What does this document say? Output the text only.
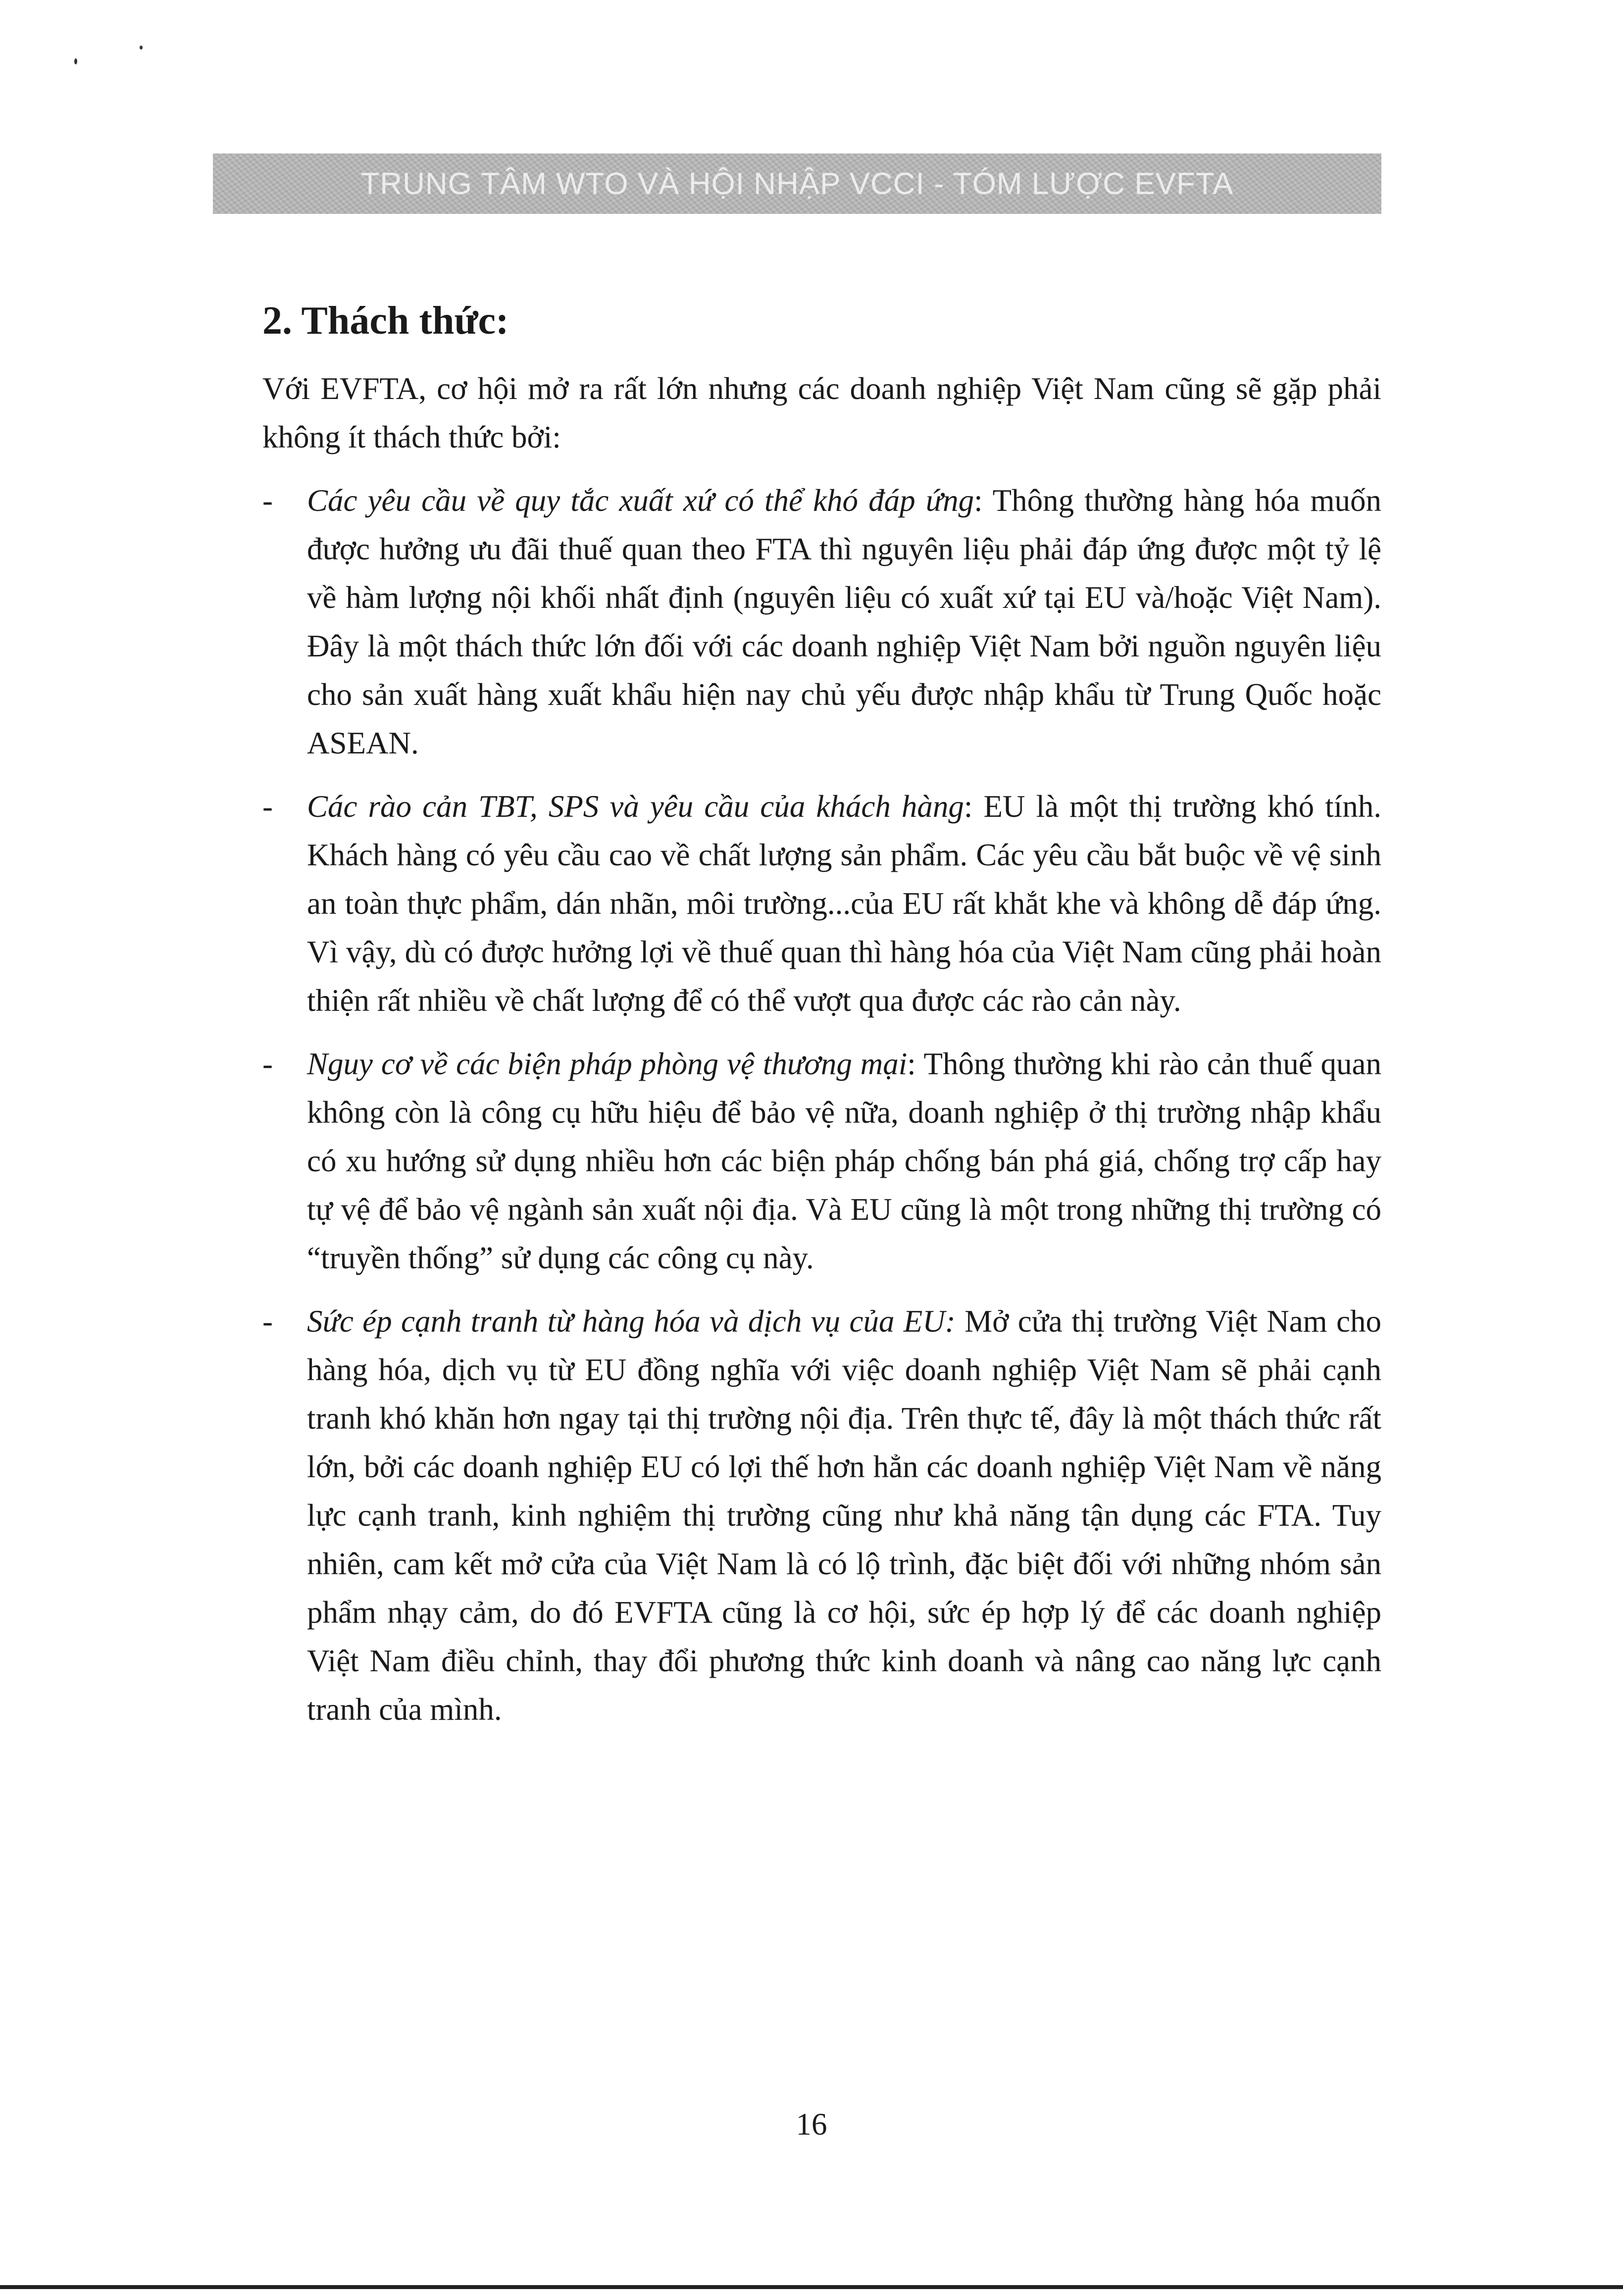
TRUNG TÂM WTO VÀ HỘI NHẬP VCCI - TÓM LƯỢC EVFTA
2. Thách thức:

Với EVFTA, cơ hội mở ra rất lớn nhưng các doanh nghiệp Việt Nam cũng sẽ gặp phải không ít thách thức bởi:

- Các yêu cầu về quy tắc xuất xứ có thể khó đáp ứng: Thông thường hàng hóa muốn được hưởng ưu đãi thuế quan theo FTA thì nguyên liệu phải đáp ứng được một tỷ lệ về hàm lượng nội khối nhất định (nguyên liệu có xuất xứ tại EU và/hoặc Việt Nam). Đây là một thách thức lớn đối với các doanh nghiệp Việt Nam bởi nguồn nguyên liệu cho sản xuất hàng xuất khẩu hiện nay chủ yếu được nhập khẩu từ Trung Quốc hoặc ASEAN.
- Các rào cản TBT, SPS và yêu cầu của khách hàng: EU là một thị trường khó tính. Khách hàng có yêu cầu cao về chất lượng sản phẩm. Các yêu cầu bắt buộc về vệ sinh an toàn thực phẩm, dán nhãn, môi trường...của EU rất khắt khe và không dễ đáp ứng. Vì vậy, dù có được hưởng lợi về thuế quan thì hàng hóa của Việt Nam cũng phải hoàn thiện rất nhiều về chất lượng để có thể vượt qua được các rào cản này.
- Nguy cơ về các biện pháp phòng vệ thương mại: Thông thường khi rào cản thuế quan không còn là công cụ hữu hiệu để bảo vệ nữa, doanh nghiệp ở thị trường nhập khẩu có xu hướng sử dụng nhiều hơn các biện pháp chống bán phá giá, chống trợ cấp hay tự vệ để bảo vệ ngành sản xuất nội địa. Và EU cũng là một trong những thị trường có “truyền thống” sử dụng các công cụ này.
- Sức ép cạnh tranh từ hàng hóa và dịch vụ của EU: Mở cửa thị trường Việt Nam cho hàng hóa, dịch vụ từ EU đồng nghĩa với việc doanh nghiệp Việt Nam sẽ phải cạnh tranh khó khăn hơn ngay tại thị trường nội địa. Trên thực tế, đây là một thách thức rất lớn, bởi các doanh nghiệp EU có lợi thế hơn hẳn các doanh nghiệp Việt Nam về năng lực cạnh tranh, kinh nghiệm thị trường cũng như khả năng tận dụng các FTA. Tuy nhiên, cam kết mở cửa của Việt Nam là có lộ trình, đặc biệt đối với những nhóm sản phẩm nhạy cảm, do đó EVFTA cũng là cơ hội, sức ép hợp lý để các doanh nghiệp Việt Nam điều chỉnh, thay đổi phương thức kinh doanh và nâng cao năng lực cạnh tranh của mình.
16
